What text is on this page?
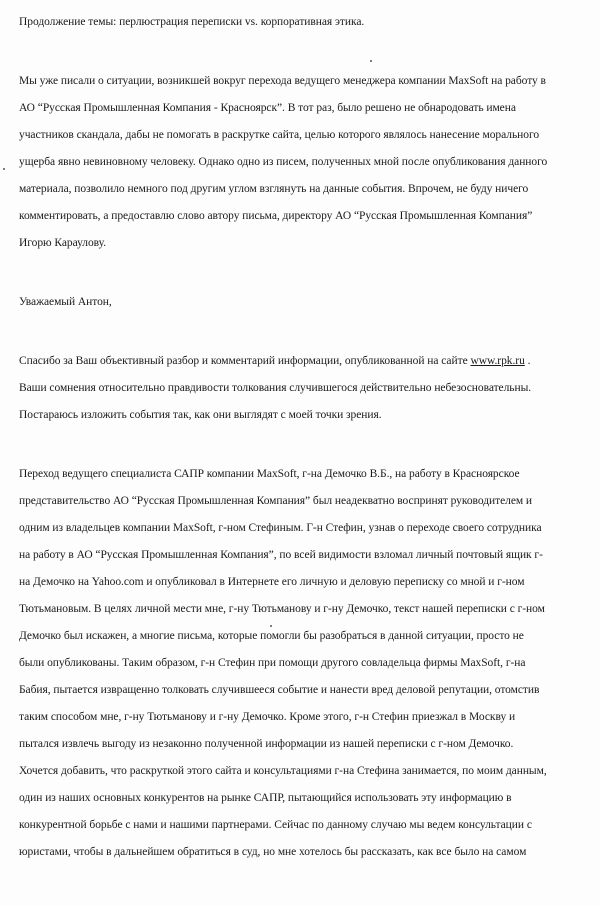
Продолжение темы: перлюстрация переписки vs. корпоративная этика.
Мы уже писали о ситуации, возникшей вокруг перехода ведущего менеджера компании MaxSoft на работу в
АО “Русская Промышленная Компания - Красноярск”. В тот раз, было решено не обнародовать имена
участников скандала, дабы не помогать в раскрутке сайта, целью которого являлось нанесение морального
ущерба явно невиновному человеку. Однако одно из писем, полученных мной после опубликования данного
материала, позволило немного под другим углом взглянуть на данные события. Впрочем, не буду ничего
комментировать, а предоставлю слово автору письма, директору АО “Русская Промышленная Компания”
Игорю Караулову.
Уважаемый Антон,
Спасибо за Ваш объективный разбор и комментарий информации, опубликованной на сайте www.rpk.ru .
Ваши сомнения относительно правдивости толкования случившегося действительно небезосновательны.
Постараюсь изложить события так, как они выглядят с моей точки зрения.
Переход ведущего специалиста САПР компании MaxSoft, г-на Демочко В.Б., на работу в Красноярское
представительство АО “Русская Промышленная Компания” был неадекватно воспринят руководителем и
одним из владельцев компании MaxSoft, г-ном Стефиным. Г-н Стефин, узнав о переходе своего сотрудника
на работу в АО “Русская Промышленная Компания”, по всей видимости взломал личный почтовый ящик г-
на Демочко на Yahoo.com и опубликовал в Интернете его личную и деловую переписку со мной и г-ном
Тютьмановым. В целях личной мести мне, г-ну Тютьманову и г-ну Демочко, текст нашей переписки с г-ном
Демочко был искажен, а многие письма, которые помогли бы разобраться в данной ситуации, просто не
были опубликованы. Таким образом, г-н Стефин при помощи другого совладельца фирмы MaxSoft, г-на
Бабия, пытается извращенно толковать случившееся событие и нанести вред деловой репутации, отомстив
таким способом мне, г-ну Тютьманову и г-ну Демочко. Кроме этого, г-н Стефин приезжал в Москву и
пытался извлечь выгоду из незаконно полученной информации из нашей переписки с г-ном Демочко.
Хочется добавить, что раскруткой этого сайта и консультациями г-на Стефина занимается, по моим данным,
один из наших основных конкурентов на рынке САПР, пытающийся использовать эту информацию в
конкурентной борьбе с нами и нашими партнерами. Сейчас по данному случаю мы ведем консультации с
юристами, чтобы в дальнейшем обратиться в суд, но мне хотелось бы рассказать, как все было на самом
